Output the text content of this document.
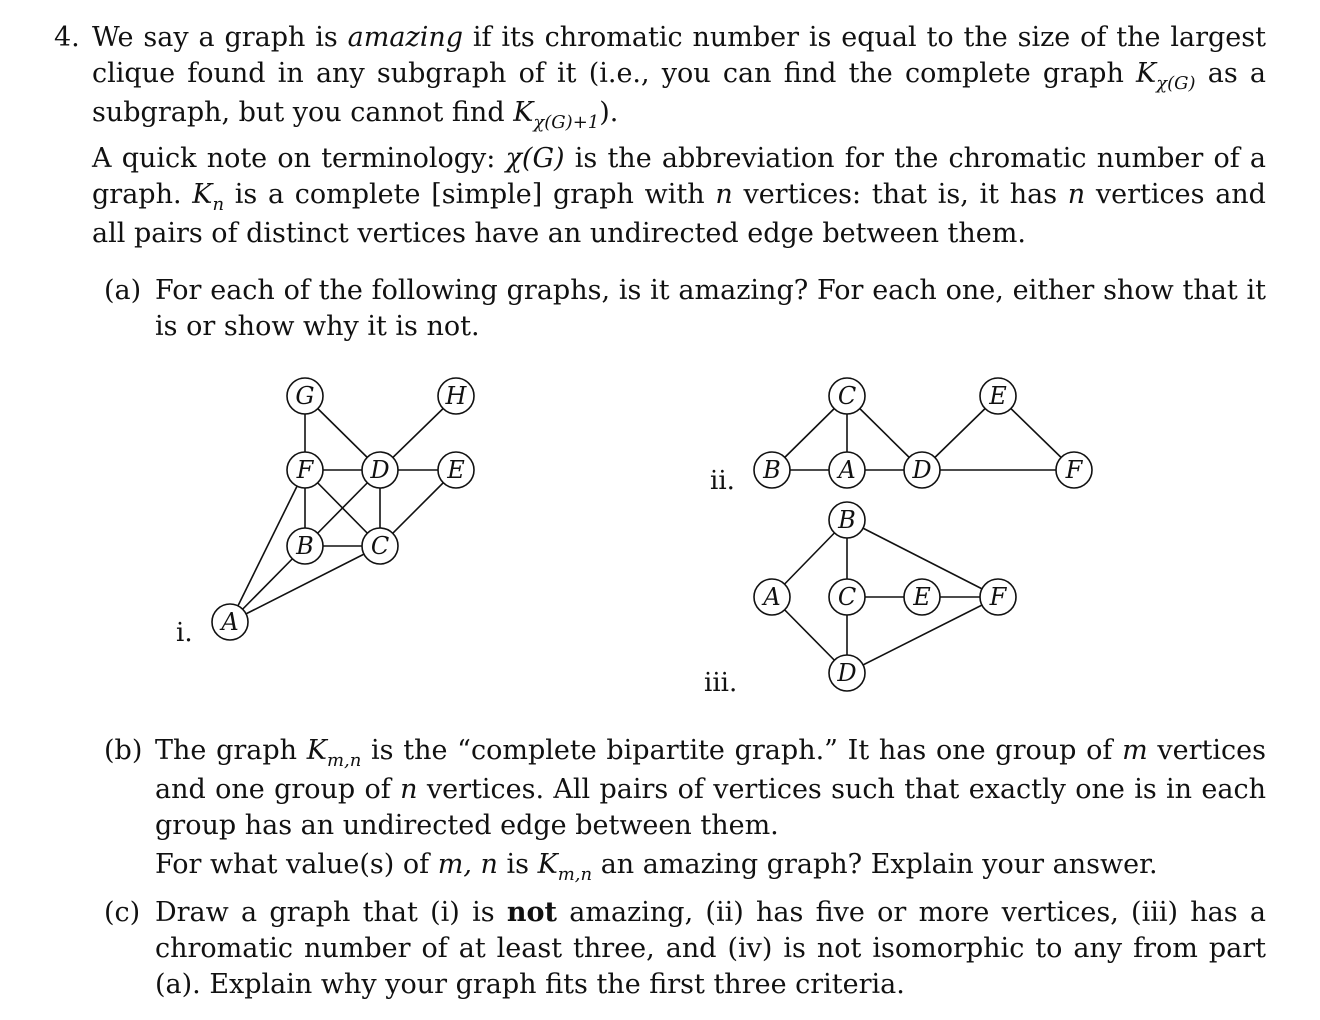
4. We say a graph is amazing if its chromatic number is equal to the size of the largest clique found in any subgraph of it (i.e., you can find the complete graph $K_{\chi(G)}$ as a subgraph, but you cannot find $K_{\chi(G)+1}$).
A quick note on terminology: χ(G) is the abbreviation for the chromatic number of a graph. $K_n$ is a complete [simple] graph with n vertices: that is, it has n vertices and all pairs of distinct vertices have an undirected edge between them.
(a) For each of the following graphs, is it amazing? For each one, either show that it is or show why it is not.
i.
G	H
F D E
B C
A
C	E
B A D	F
B
A C E F
D
ii.
iii.
(b) The graph $K_{m,n}$ is the “complete bipartite graph.” It has one group of m vertices and one group of n vertices. All pairs of vertices such that exactly one is in each group has an undirected edge between them.
For what value(s) of m, n is $K_{m,n}$ an amazing graph? Explain your answer.
(c) Draw a graph that (i) is not amazing, (ii) has five or more vertices, (iii) has a chromatic number of at least three, and (iv) is not isomorphic to any from part (a). Explain why your graph fits the first three criteria.
